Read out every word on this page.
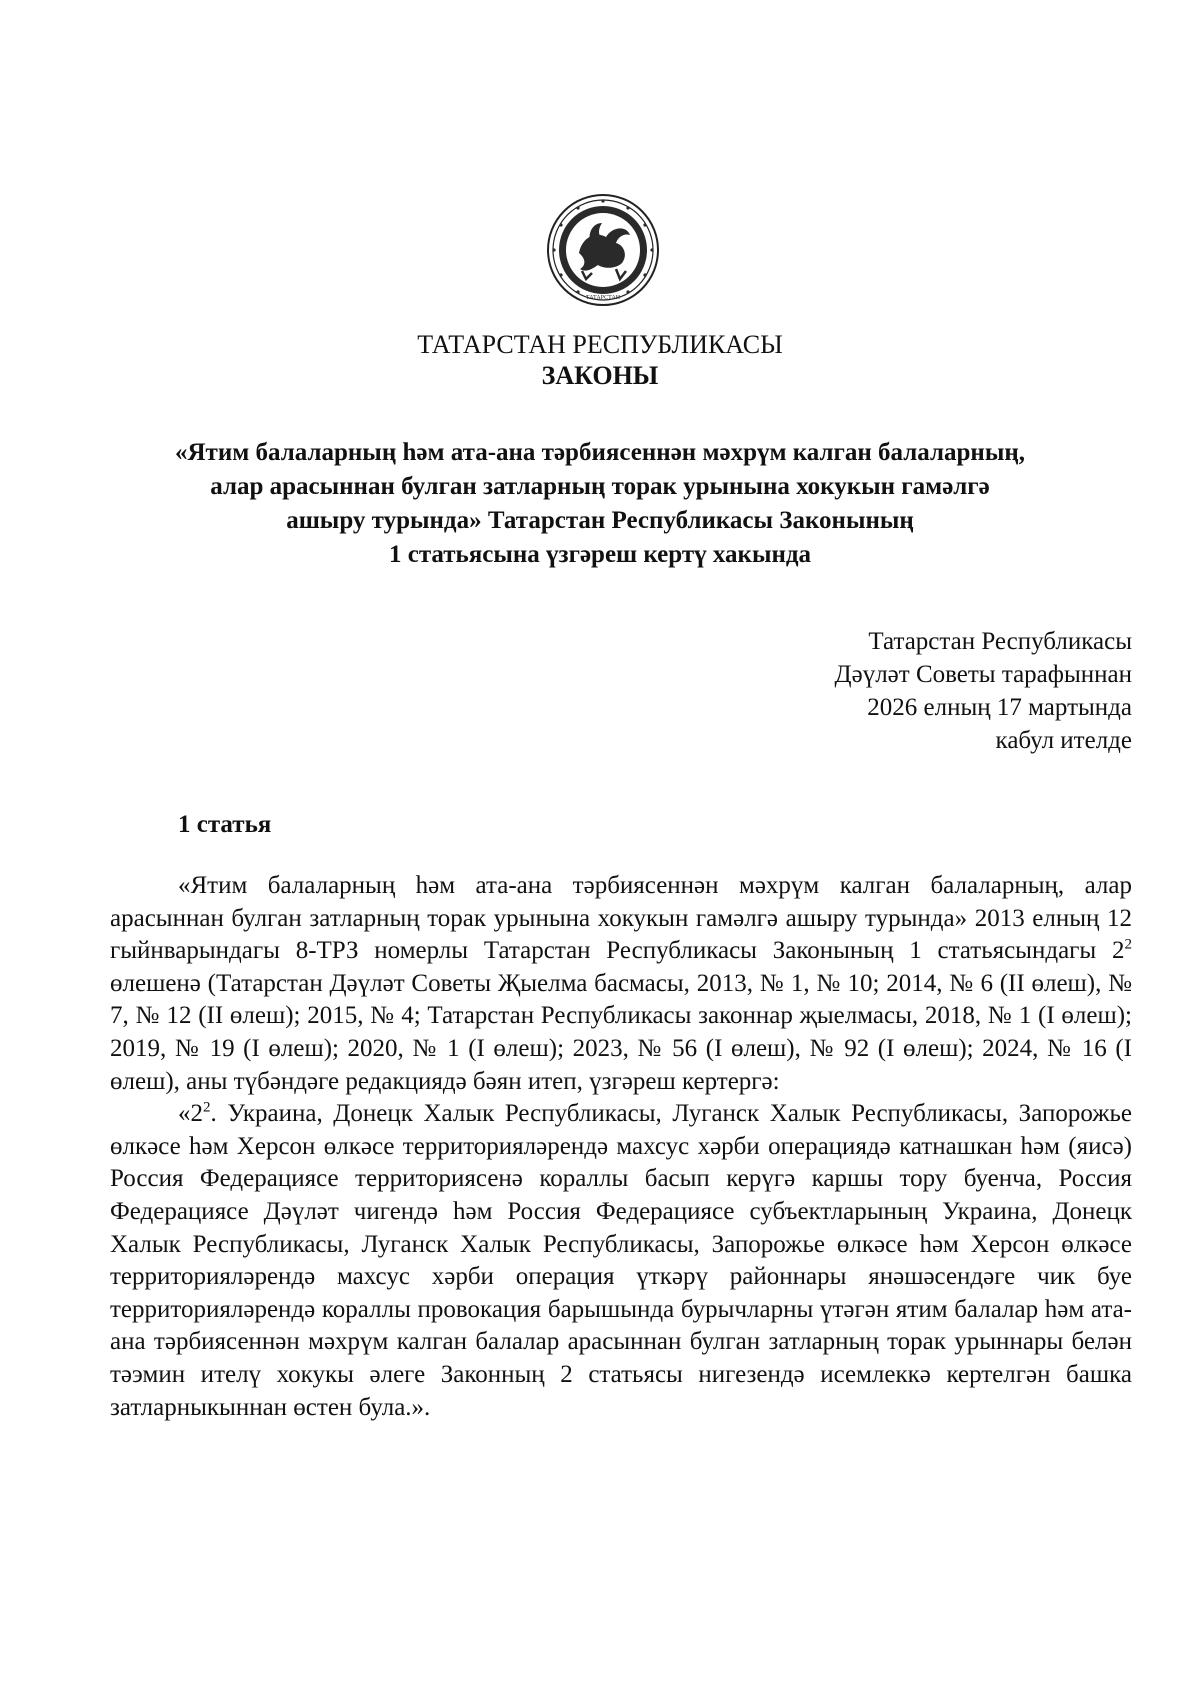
ТАТАРСТАН
ТАТАРСТАН РЕСПУБЛИКАСЫ
ЗАКОНЫ
«Ятим балаларның һәм ата-ана тәрбиясеннән мәхрүм калган балаларның,
алар арасыннан булган затларның торак урынына хокукын гамәлгә
ашыру турында» Татарстан Республикасы Законының
1 статьясына үзгәреш кертү хакында
Татарстан Республикасы
Дәүләт Советы тарафыннан
2026 елның 17 мартында
кабул ителде
1 статья

«Ятим балаларның һәм ата-ана тәрбиясеннән мәхрүм калган балаларның, алар арасыннан булган затларның торак урынына хокукын гамәлгә ашыру турында» 2013 елның 12 гыйнварындагы 8-ТРЗ номерлы Татарстан Республикасы Законының 1 статьясындагы $2^2$ өлешенә (Татарстан Дәүләт Советы Җыелма басмасы, 2013, № 1, № 10; 2014, № 6 (II өлеш), № 7, № 12 (II өлеш); 2015, № 4; Татарстан Республикасы законнар җыелмасы, 2018, № 1 (I өлеш); 2019, № 19 (I өлеш); 2020, № 1 (I өлеш); 2023, № 56 (I өлеш), № 92 (I өлеш); 2024, № 16 (I өлеш), аны түбәндәге редакциядә бәян итеп, үзгәреш кертергә:

«$2^2$. Украина, Донецк Халык Республикасы, Луганск Халык Республикасы, Запорожье өлкәсе һәм Херсон өлкәсе территорияләрендә махсус хәрби операциядә катнашкан һәм (яисә) Россия Федерациясе территориясенә кораллы басып керүгә каршы тору буенча, Россия Федерациясе Дәүләт чигендә һәм Россия Федерациясе субъектларының Украина, Донецк Халык Республикасы, Луганск Халык Республикасы, Запорожье өлкәсе һәм Херсон өлкәсе территорияләрендә махсус хәрби операция үткәрү районнары янәшәсендәге чик буе территорияләрендә кораллы провокация барышында бурычларны үтәгән ятим балалар һәм ата-ана тәрбиясеннән мәхрүм калган балалар арасыннан булган затларның торак урыннары белән тәэмин ителү хокукы әлеге Законның 2 статьясы нигезендә исемлеккә кертелгән башка затларныкыннан өстен була.».
